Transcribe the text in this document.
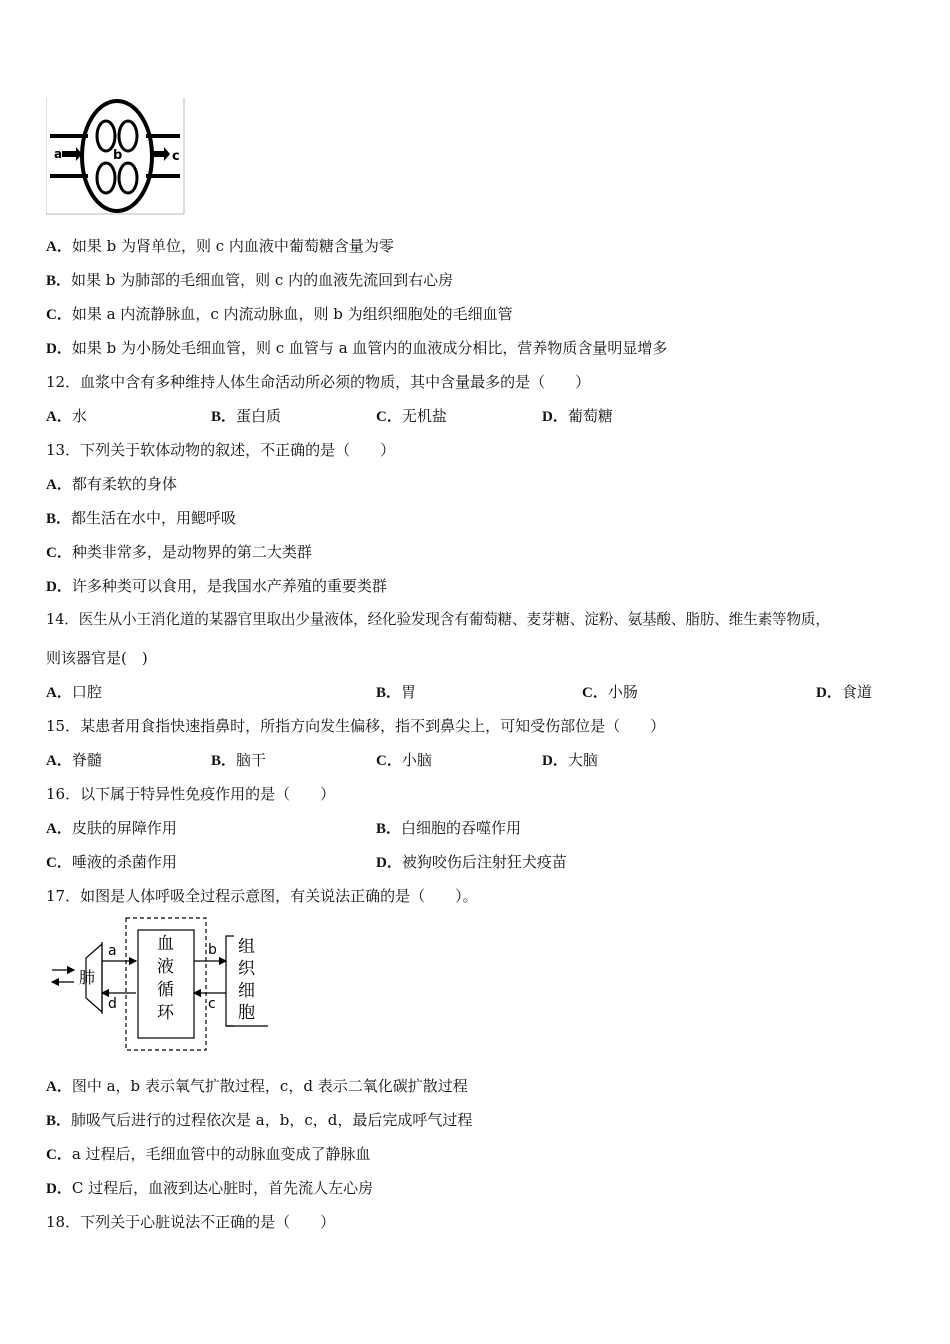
a	b	c
A．如果 b 为肾单位，则 c 内血液中葡萄糖含量为零
B．如果 b 为肺部的毛细血管，则 c 内的血液先流回到右心房
C．如果 a 内流静脉血，c 内流动脉血，则 b 为组织细胞处的毛细血管
D．如果 b 为小肠处毛细血管，则 c 血管与 a 血管内的血液成分相比，营养物质含量明显增多
12．血浆中含有多种维持人体生命活动所必须的物质，其中含量最多的是（　　）
A．水	B．蛋白质	C．无机盐	D．葡萄糖
13．下列关于软体动物的叙述，不正确的是（　　）
A．都有柔软的身体
B．都生活在水中，用鳃呼吸
C．种类非常多，是动物界的第二大类群
D．许多种类可以食用，是我国水产养殖的重要类群
14．医生从小王消化道的某器官里取出少量液体，经化验发现含有葡萄糖、麦芽糖、淀粉、氨基酸、脂肪、维生素等物质，
则该器官是(　)
A．口腔	B．胃	C．小肠	D．食道
15．某患者用食指快速指鼻时，所指方向发生偏移，指不到鼻尖上，可知受伤部位是（　　）
A．脊髓	B．脑干	C．小脑	D．大脑
16．以下属于特异性免疫作用的是（　　）
A．皮肤的屏障作用	B．白细胞的吞噬作用
C．唾液的杀菌作用	D．被狗咬伤后注射狂犬疫苗
17．如图是人体呼吸全过程示意图，有关说法正确的是（　　）。
肺
a
d
血
液
循
环
b
c
组
织
细
胞
A．图中 a，b 表示氧气扩散过程，c，d 表示二氧化碳扩散过程
B．肺吸气后进行的过程依次是 a，b，c，d，最后完成呼气过程
C．a 过程后，毛细血管中的动脉血变成了静脉血
D．C 过程后，血液到达心脏时，首先流人左心房
18．下列关于心脏说法不正确的是（　　）
